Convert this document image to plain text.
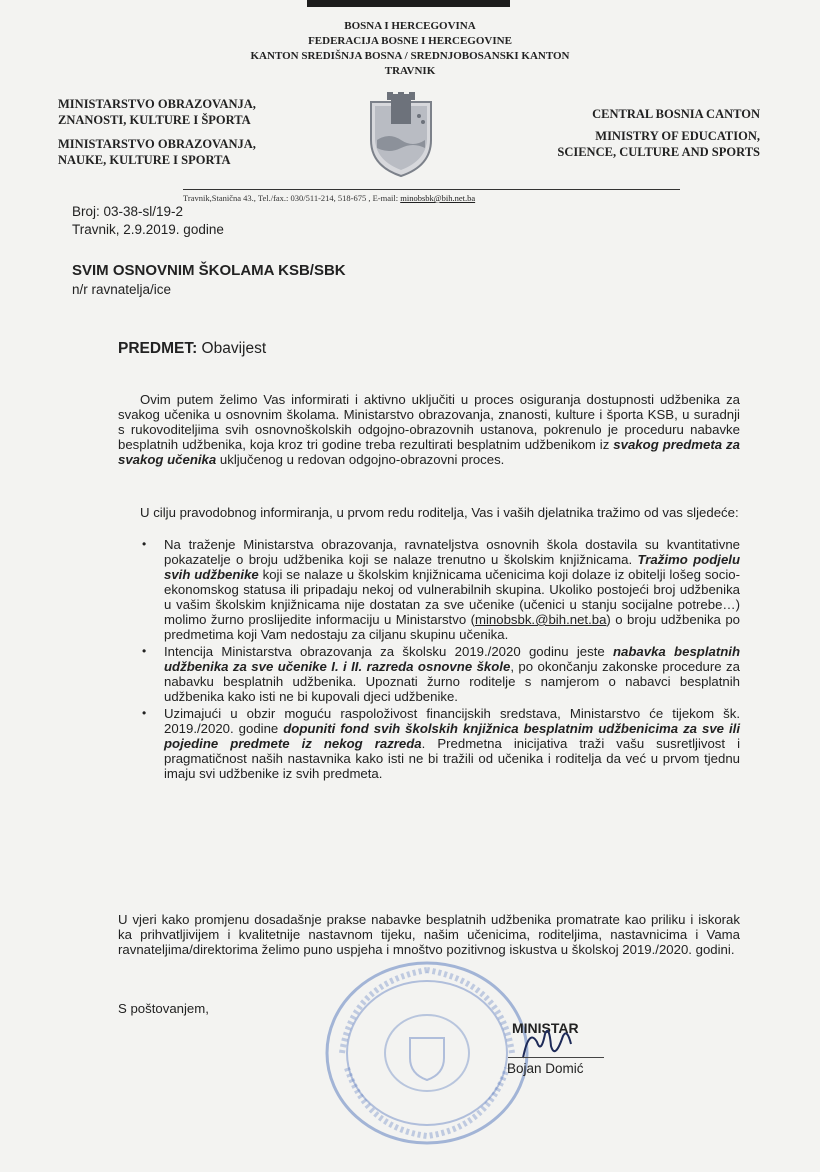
BOSNA I HERCEGOVINA
FEDERACIJA BOSNE I HERCEGOVINE
KANTON SREDIŠNJA BOSNA / SREDNJOBOSANSKI KANTON
TRAVNIK
MINISTARSTVO OBRAZOVANJA,
ZNANOSTI, KULTURE I ŠPORTA
MINISTARSTVO OBRAZOVANJA,
NAUKE, KULTURE I SPORTA
CENTRAL BOSNIA CANTON
MINISTRY OF EDUCATION,
SCIENCE, CULTURE AND SPORTS
Travnik,Stanična 43., Tel./fax.: 030/511-214, 518-675 , E-mail: minobsbk@bih.net.ba
Broj: 03-38-sl/19-2
Travnik, 2.9.2019. godine
SVIM OSNOVNIM ŠKOLAMA KSB/SBK
n/r ravnatelja/ice
PREDMET: Obavijest
Ovim putem želimo Vas informirati i aktivno uključiti u proces osiguranja dostupnosti udžbenika za svakog učenika u osnovnim školama. Ministarstvo obrazovanja, znanosti, kulture i športa KSB, u suradnji s rukovoditeljima svih osnovnoškolskih odgojno-obrazovnih ustanova, pokrenulo je proceduru nabavke besplatnih udžbenika, koja kroz tri godine treba rezultirati besplatnim udžbenikom iz svakog predmeta za svakog učenika uključenog u redovan odgojno-obrazovni proces.
U cilju pravodobnog informiranja, u prvom redu roditelja, Vas i vaših djelatnika tražimo od vas sljedeće:
• Na traženje Ministarstva obrazovanja, ravnateljstva osnovnih škola dostavila su kvantitativne pokazatelje o broju udžbenika koji se nalaze trenutno u školskim knjižnicama. Tražimo podjelu svih udžbenike koji se nalaze u školskim knjižnicama učenicima koji dolaze iz obitelji lošeg socio-ekonomskog statusa ili pripadaju nekoj od vulnerabilnih skupina. Ukoliko postojeći broj udžbenika u vašim školskim knjižnicama nije dostatan za sve učenike (učenici u stanju socijalne potrebe…) molimo žurno proslijedite informaciju u Ministarstvo (minobsbk.@bih.net.ba) o broju udžbenika po predmetima koji Vam nedostaju za ciljanu skupinu učenika.
• Intencija Ministarstva obrazovanja za školsku 2019./2020 godinu jeste nabavka besplatnih udžbenika za sve učenike I. i II. razreda osnovne škole, po okončanju zakonske procedure za nabavku besplatnih udžbenika. Upoznati žurno roditelje s namjerom o nabavci besplatnih udžbenika kako isti ne bi kupovali djeci udžbenike.
• Uzimajući u obzir moguću raspoloživost financijskih sredstava, Ministarstvo će tijekom šk. 2019./2020. godine dopuniti fond svih školskih knjižnica besplatnim udžbenicima za sve ili pojedine predmete iz nekog razreda. Predmetna inicijativa traži vašu susretljivost i pragmatičnost naših nastavnika kako isti ne bi tražili od učenika i roditelja da već u prvom tjednu imaju svi udžbenike iz svih predmeta.
U vjeri kako promjenu dosadašnje prakse nabavke besplatnih udžbenika promatrate kao priliku i iskorak ka prihvatljivijem i kvalitetnije nastavnom tijeku, našim učenicima, roditeljima, nastavnicima i Vama ravnateljima/direktorima želimo puno uspjeha i mnoštvo pozitivnog iskustva u školskoj 2019./2020. godini.
S poštovanjem,
MINISTAR
Bojan Domić
